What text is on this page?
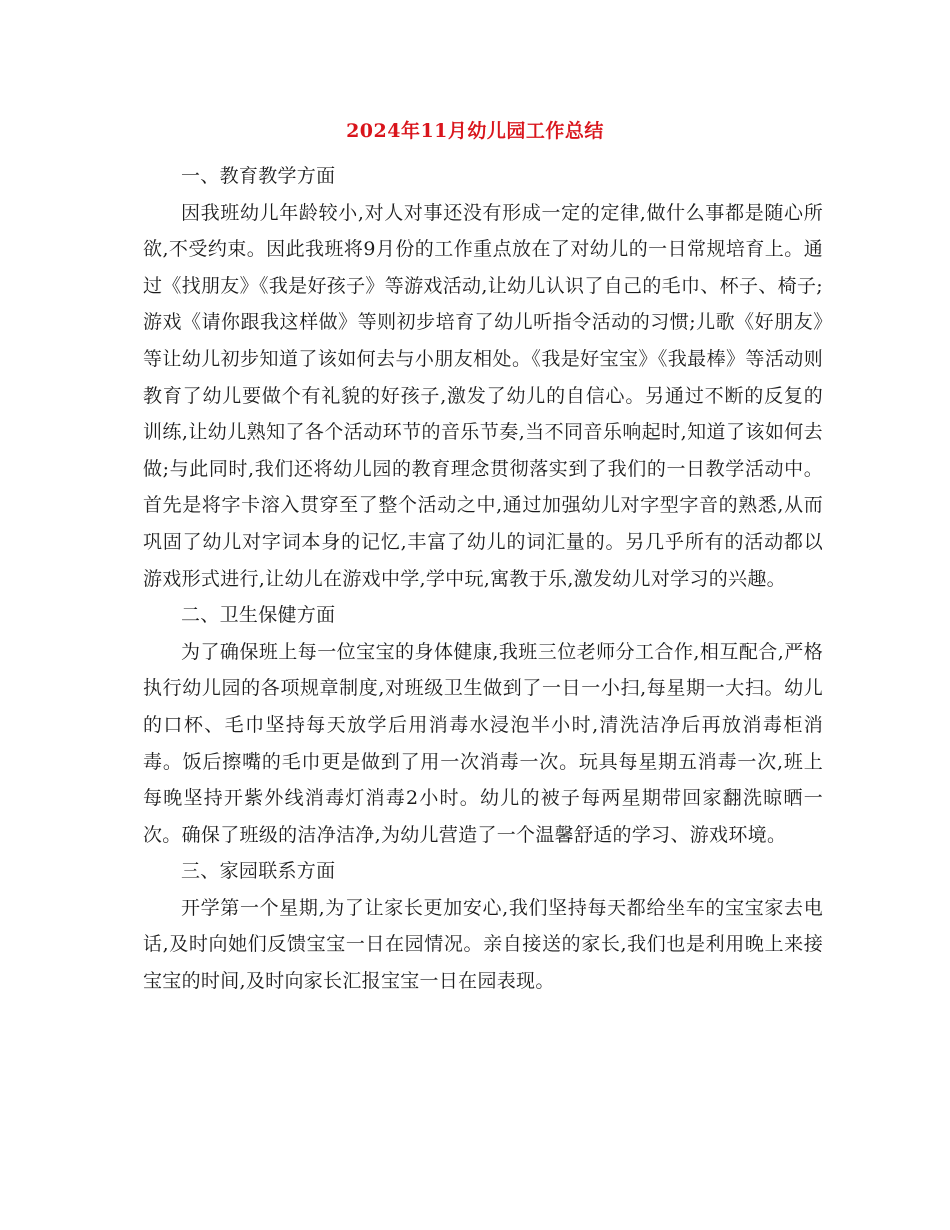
2024年11月幼儿园工作总结

一、教育教学方面

因我班幼儿年龄较小,对人对事还没有形成一定的定律,做什么事都是随心所欲,不受约束。因此我班将9月份的工作重点放在了对幼儿的一日常规培育上。通过《找朋友》《我是好孩子》等游戏活动,让幼儿认识了自己的毛巾、杯子、椅子;游戏《请你跟我这样做》等则初步培育了幼儿听指令活动的习惯;儿歌《好朋友》等让幼儿初步知道了该如何去与小朋友相处。《我是好宝宝》《我最棒》等活动则教育了幼儿要做个有礼貌的好孩子,激发了幼儿的自信心。另通过不断的反复的训练,让幼儿熟知了各个活动环节的音乐节奏,当不同音乐响起时,知道了该如何去做;与此同时,我们还将幼儿园的教育理念贯彻落实到了我们的一日教学活动中。首先是将字卡溶入贯穿至了整个活动之中,通过加强幼儿对字型字音的熟悉,从而巩固了幼儿对字词本身的记忆,丰富了幼儿的词汇量的。另几乎所有的活动都以游戏形式进行,让幼儿在游戏中学,学中玩,寓教于乐,激发幼儿对学习的兴趣。

二、卫生保健方面

为了确保班上每一位宝宝的身体健康,我班三位老师分工合作,相互配合,严格执行幼儿园的各项规章制度,对班级卫生做到了一日一小扫,每星期一大扫。幼儿的口杯、毛巾坚持每天放学后用消毒水浸泡半小时,清洗洁净后再放消毒柜消毒。饭后擦嘴的毛巾更是做到了用一次消毒一次。玩具每星期五消毒一次,班上每晚坚持开紫外线消毒灯消毒2小时。幼儿的被子每两星期带回家翻洗晾晒一次。确保了班级的洁净洁净,为幼儿营造了一个温馨舒适的学习、游戏环境。

三、家园联系方面

开学第一个星期,为了让家长更加安心,我们坚持每天都给坐车的宝宝家去电话,及时向她们反馈宝宝一日在园情况。亲自接送的家长,我们也是利用晚上来接宝宝的时间,及时向家长汇报宝宝一日在园表现。
